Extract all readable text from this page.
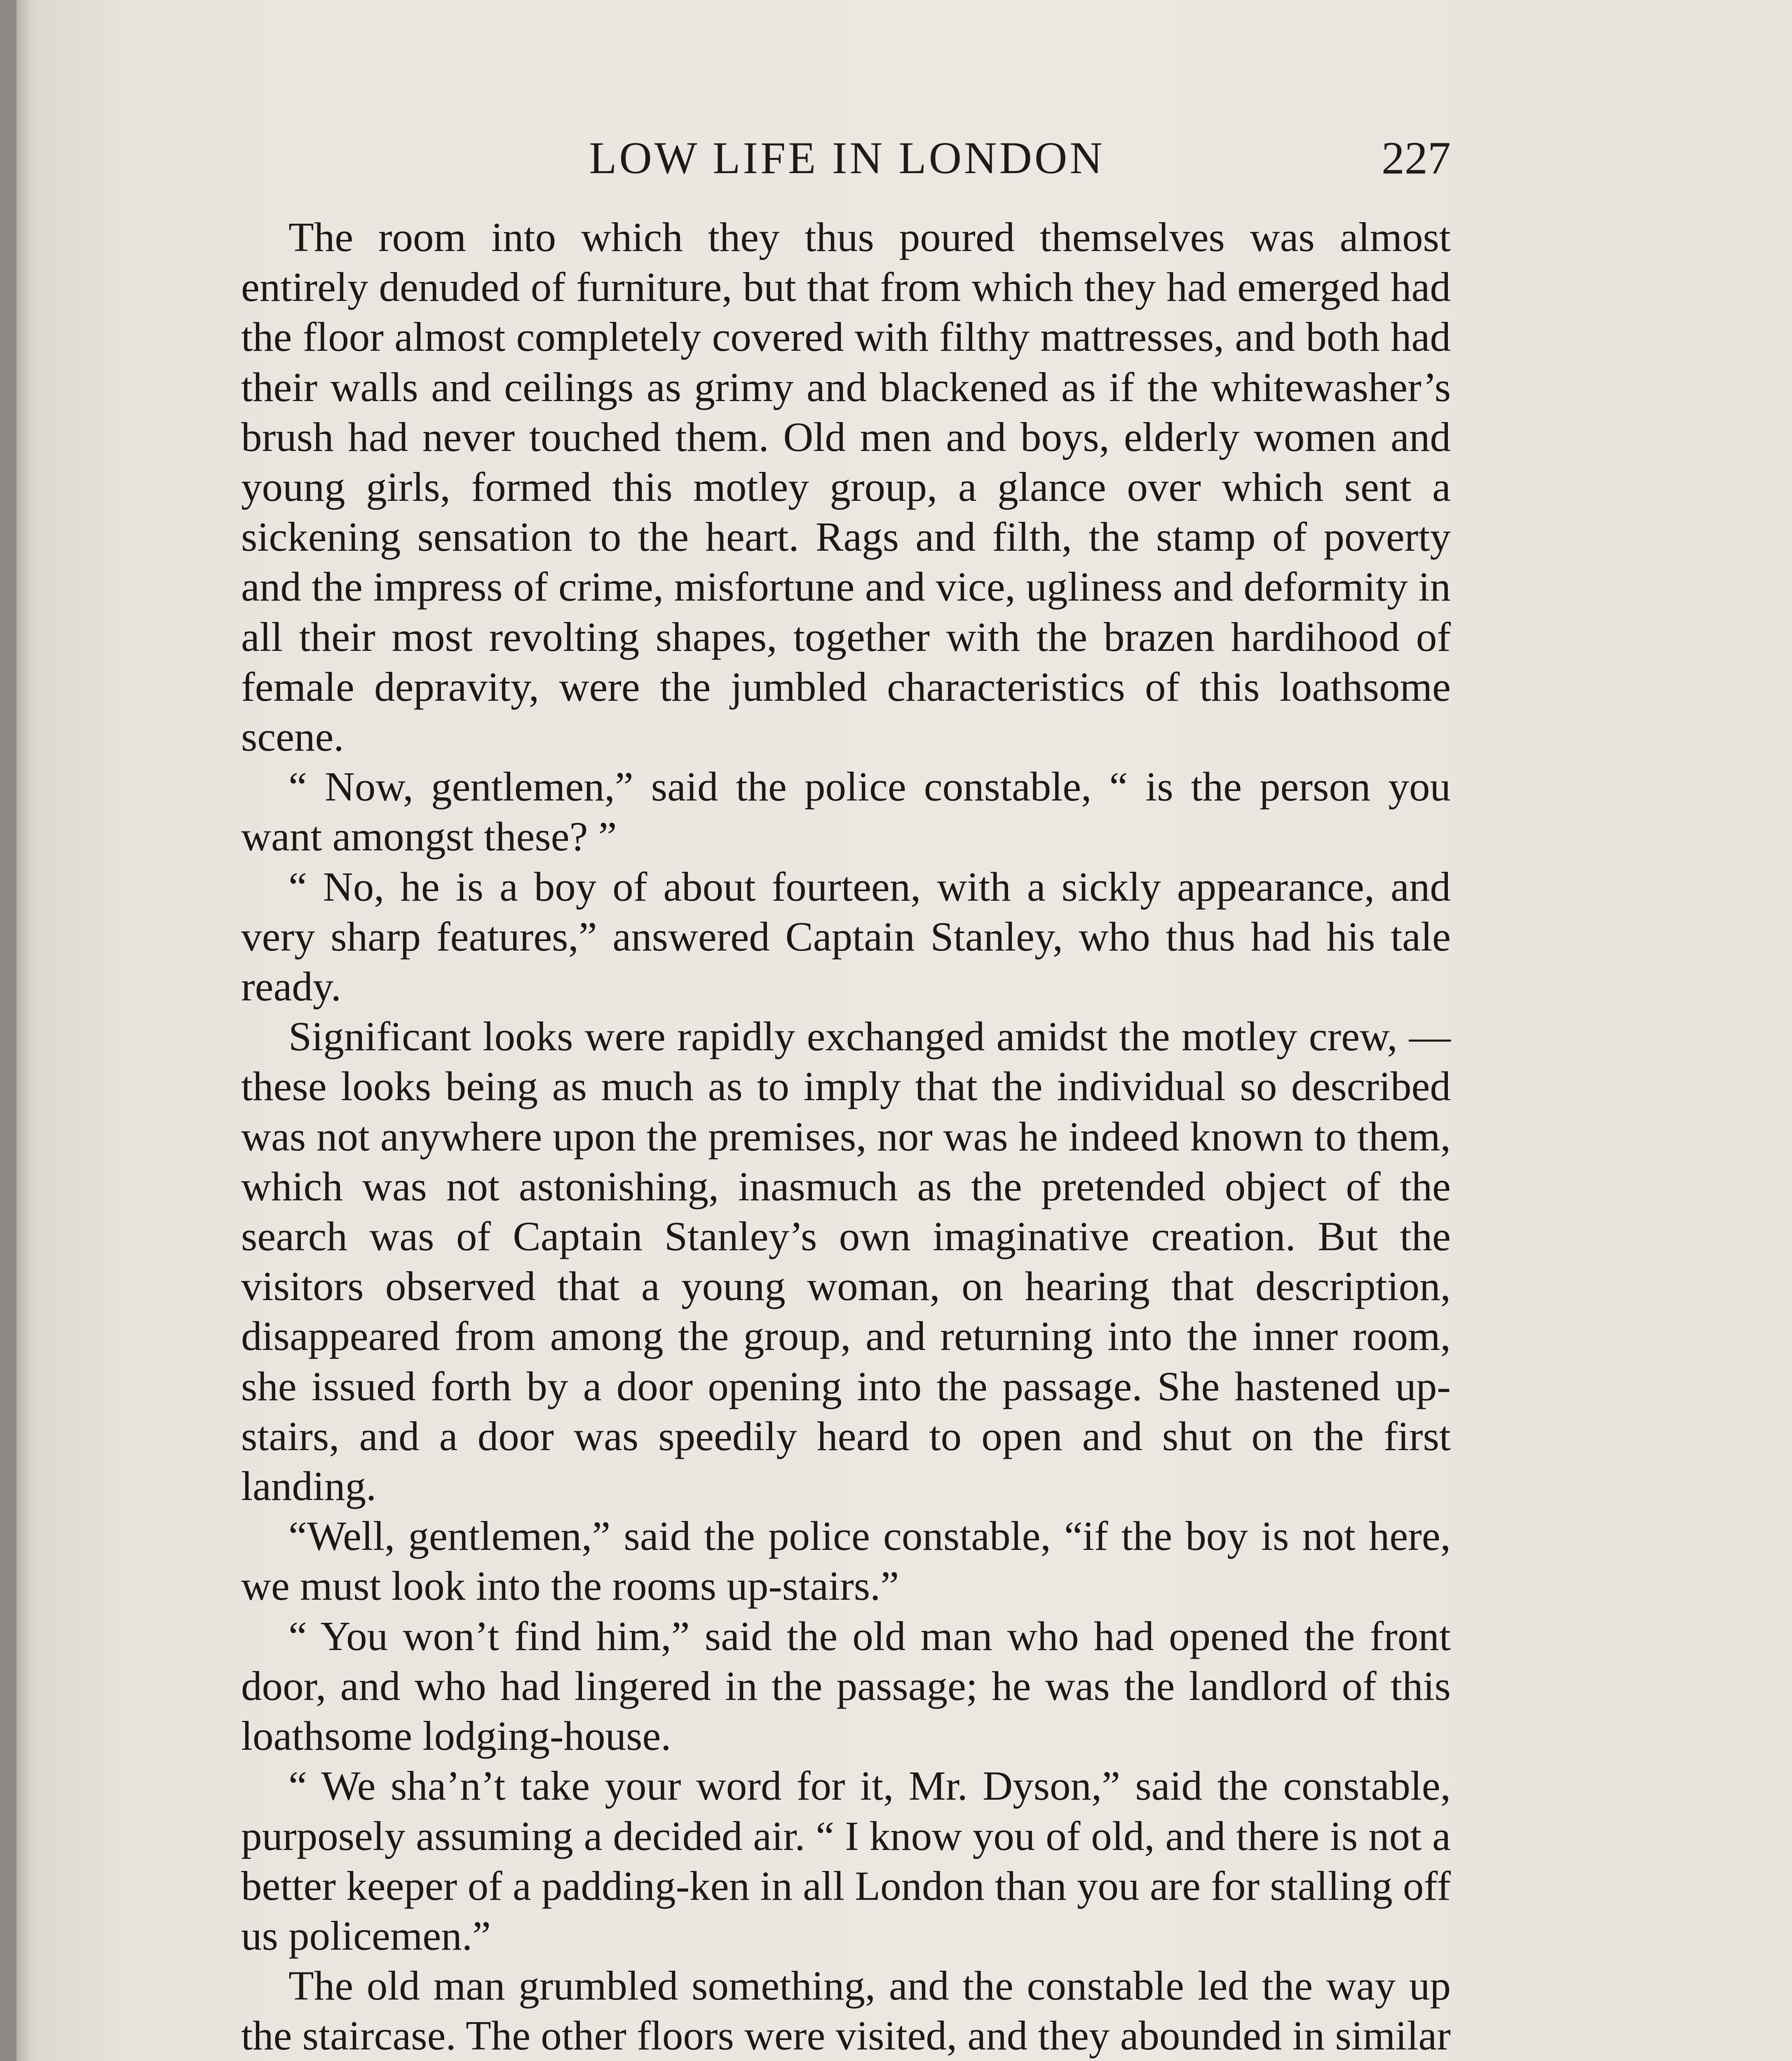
LOW LIFE IN LONDON	227

The room into which they thus poured themselves was almost entirely denuded of furniture, but that from which they had emerged had the floor almost completely covered with filthy mattresses, and both had their walls and ceilings as grimy and blackened as if the whitewasher’s brush had never touched them. Old men and boys, elderly women and young girls, formed this motley group, a glance over which sent a sickening sensation to the heart. Rags and filth, the stamp of poverty and the impress of crime, misfortune and vice, ugliness and deformity in all their most revolting shapes, together with the brazen hardihood of female depravity, were the jumbled characteristics of this loathsome scene.

“ Now, gentlemen,” said the police constable, “ is the person you want amongst these? ”

“ No, he is a boy of about fourteen, with a sickly appearance, and very sharp features,” answered Captain Stanley, who thus had his tale ready.

Significant looks were rapidly exchanged amidst the motley crew, — these looks being as much as to imply that the individual so described was not anywhere upon the premises, nor was he indeed known to them, which was not astonishing, inasmuch as the pretended object of the search was of Captain Stanley’s own imaginative creation. But the visitors observed that a young woman, on hearing that description, disappeared from among the group, and returning into the inner room, she issued forth by a door opening into the passage. She hastened up-stairs, and a door was speedily heard to open and shut on the first landing.

“Well, gentlemen,” said the police constable, “if the boy is not here, we must look into the rooms up-stairs.”

“ You won’t find him,” said the old man who had opened the front door, and who had lingered in the passage; he was the landlord of this loathsome lodging-house.

“ We sha’n’t take your word for it, Mr. Dyson,” said the constable, purposely assuming a decided air. “ I know you of old, and there is not a better keeper of a padding-ken in all London than you are for stalling off us policemen.”

The old man grumbled something, and the constable led the way up the staircase. The other floors were visited, and they abounded in similar
